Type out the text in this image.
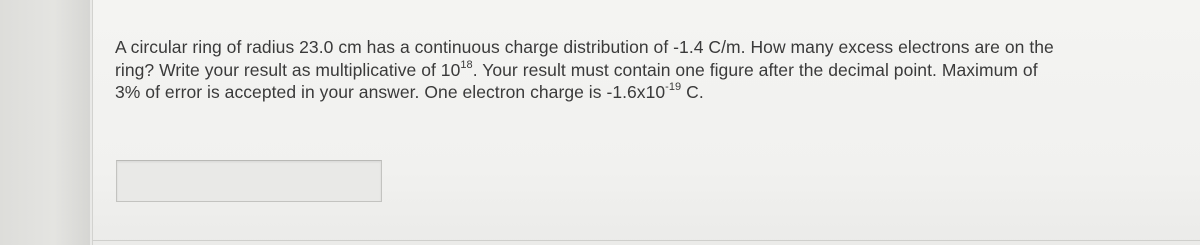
A circular ring of radius 23.0 cm has a continuous charge distribution of -1.4 C/m. How many excess electrons are on the ring? Write your result as multiplicative of $10^{18}$. Your result must contain one figure after the decimal point. Maximum of 3% of error is accepted in your answer. One electron charge is $-1.6x10^{-19}$ C.
